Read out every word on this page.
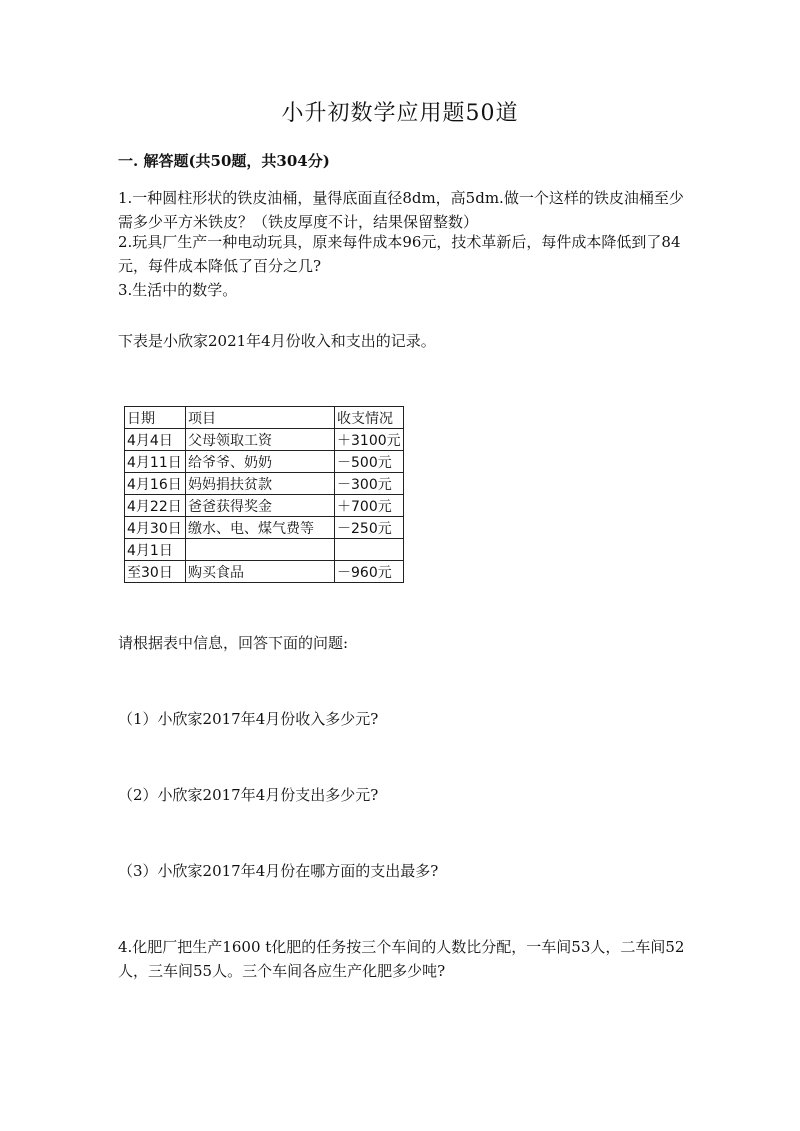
小升初数学应用题50道
一. 解答题(共50题，共304分)

1.一种圆柱形状的铁皮油桶，量得底面直径8dm，高5dm.做一个这样的铁皮油桶至少需多少平方米铁皮？（铁皮厚度不计，结果保留整数）

2.玩具厂生产一种电动玩具，原来每件成本96元，技术革新后，每件成本降低到了84元，每件成本降低了百分之几?

3.生活中的数学。

下表是小欣家2021年4月份收入和支出的记录。

日期	项目	收支情况
4月4日	父母领取工资	＋3100元
4月11日	给爷爷、奶奶	－500元
4月16日	妈妈捐扶贫款	－300元
4月22日	爸爸获得奖金	＋700元
4月30日	缴水、电、煤气费等	－250元
4月1日		
至30日	购买食品	－960元

请根据表中信息，回答下面的问题:

（1）小欣家2017年4月份收入多少元?

（2）小欣家2017年4月份支出多少元?

（3）小欣家2017年4月份在哪方面的支出最多?

4.化肥厂把生产1600 t化肥的任务按三个车间的人数比分配，一车间53人，二车间52人，三车间55人。三个车间各应生产化肥多少吨?
